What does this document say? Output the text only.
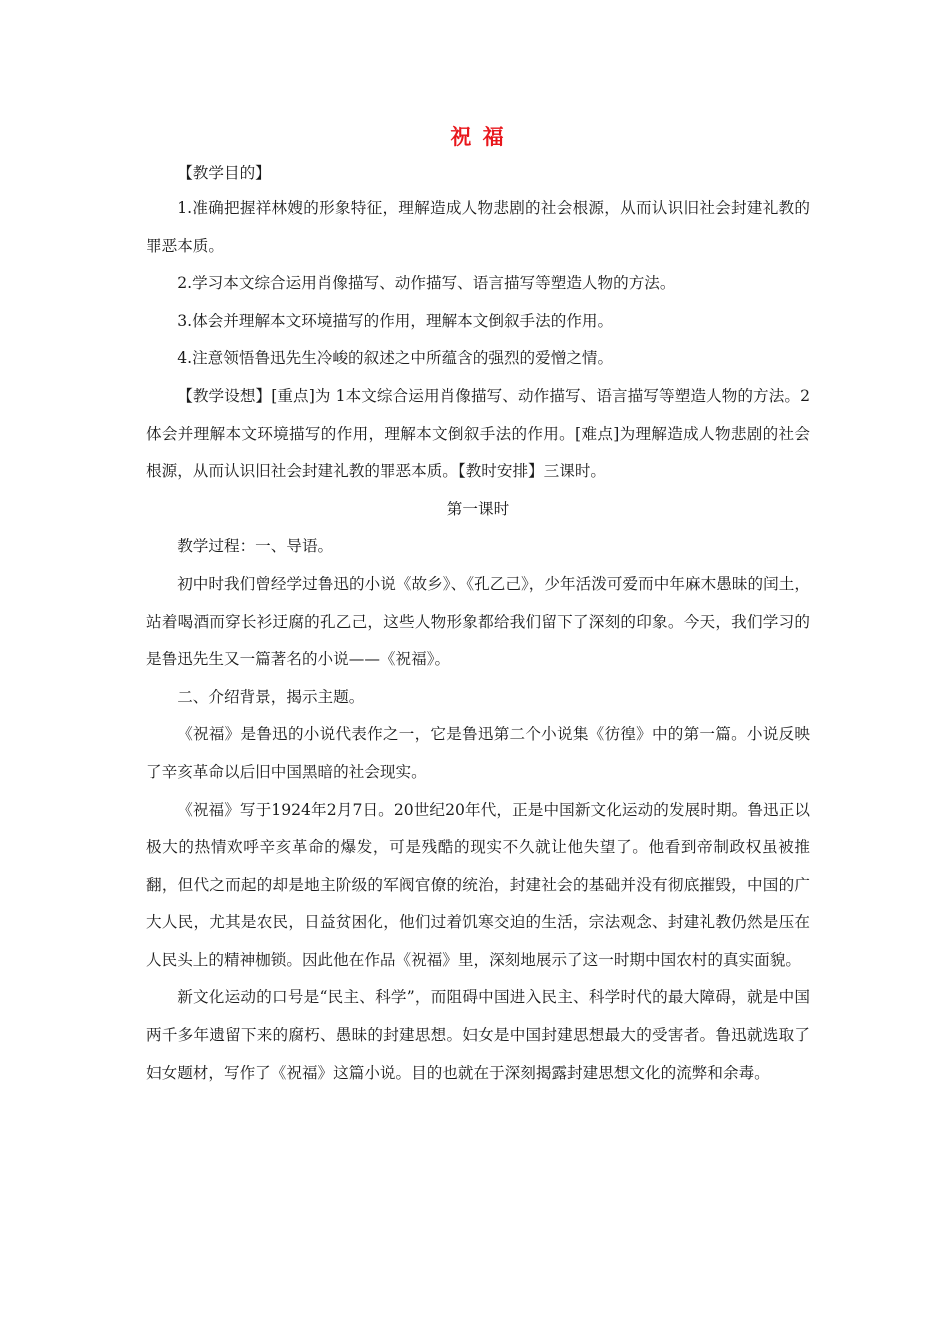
祝 福

【教学目的】

1.准确把握祥林嫂的形象特征，理解造成人物悲剧的社会根源，从而认识旧社会封建礼教的罪恶本质。

2.学习本文综合运用肖像描写、动作描写、语言描写等塑造人物的方法。

3.体会并理解本文环境描写的作用，理解本文倒叙手法的作用。

4.注意领悟鲁迅先生冷峻的叙述之中所蕴含的强烈的爱憎之情。

【教学设想】[重点]为 1本文综合运用肖像描写、动作描写、语言描写等塑造人物的方法。2体会并理解本文环境描写的作用，理解本文倒叙手法的作用。[难点]为理解造成人物悲剧的社会根源，从而认识旧社会封建礼教的罪恶本质。【教时安排】三课时。

第一课时

教学过程：一、导语。

初中时我们曾经学过鲁迅的小说《故乡》、《孔乙己》，少年活泼可爱而中年麻木愚昧的闰土，站着喝酒而穿长衫迂腐的孔乙己，这些人物形象都给我们留下了深刻的印象。今天，我们学习的是鲁迅先生又一篇著名的小说——《祝福》。

二、介绍背景，揭示主题。

《祝福》是鲁迅的小说代表作之一，它是鲁迅第二个小说集《彷徨》中的第一篇。小说反映了辛亥革命以后旧中国黑暗的社会现实。

《祝福》写于1924年2月7日。20世纪20年代，正是中国新文化运动的发展时期。鲁迅正以极大的热情欢呼辛亥革命的爆发，可是残酷的现实不久就让他失望了。他看到帝制政权虽被推翻，但代之而起的却是地主阶级的军阀官僚的统治，封建社会的基础并没有彻底摧毁，中国的广大人民，尤其是农民，日益贫困化，他们过着饥寒交迫的生活，宗法观念、封建礼教仍然是压在人民头上的精神枷锁。因此他在作品《祝福》里，深刻地展示了这一时期中国农村的真实面貌。

新文化运动的口号是“民主、科学”，而阻碍中国进入民主、科学时代的最大障碍，就是中国两千多年遗留下来的腐朽、愚昧的封建思想。妇女是中国封建思想最大的受害者。鲁迅就选取了妇女题材，写作了《祝福》这篇小说。目的也就在于深刻揭露封建思想文化的流弊和余毒。
